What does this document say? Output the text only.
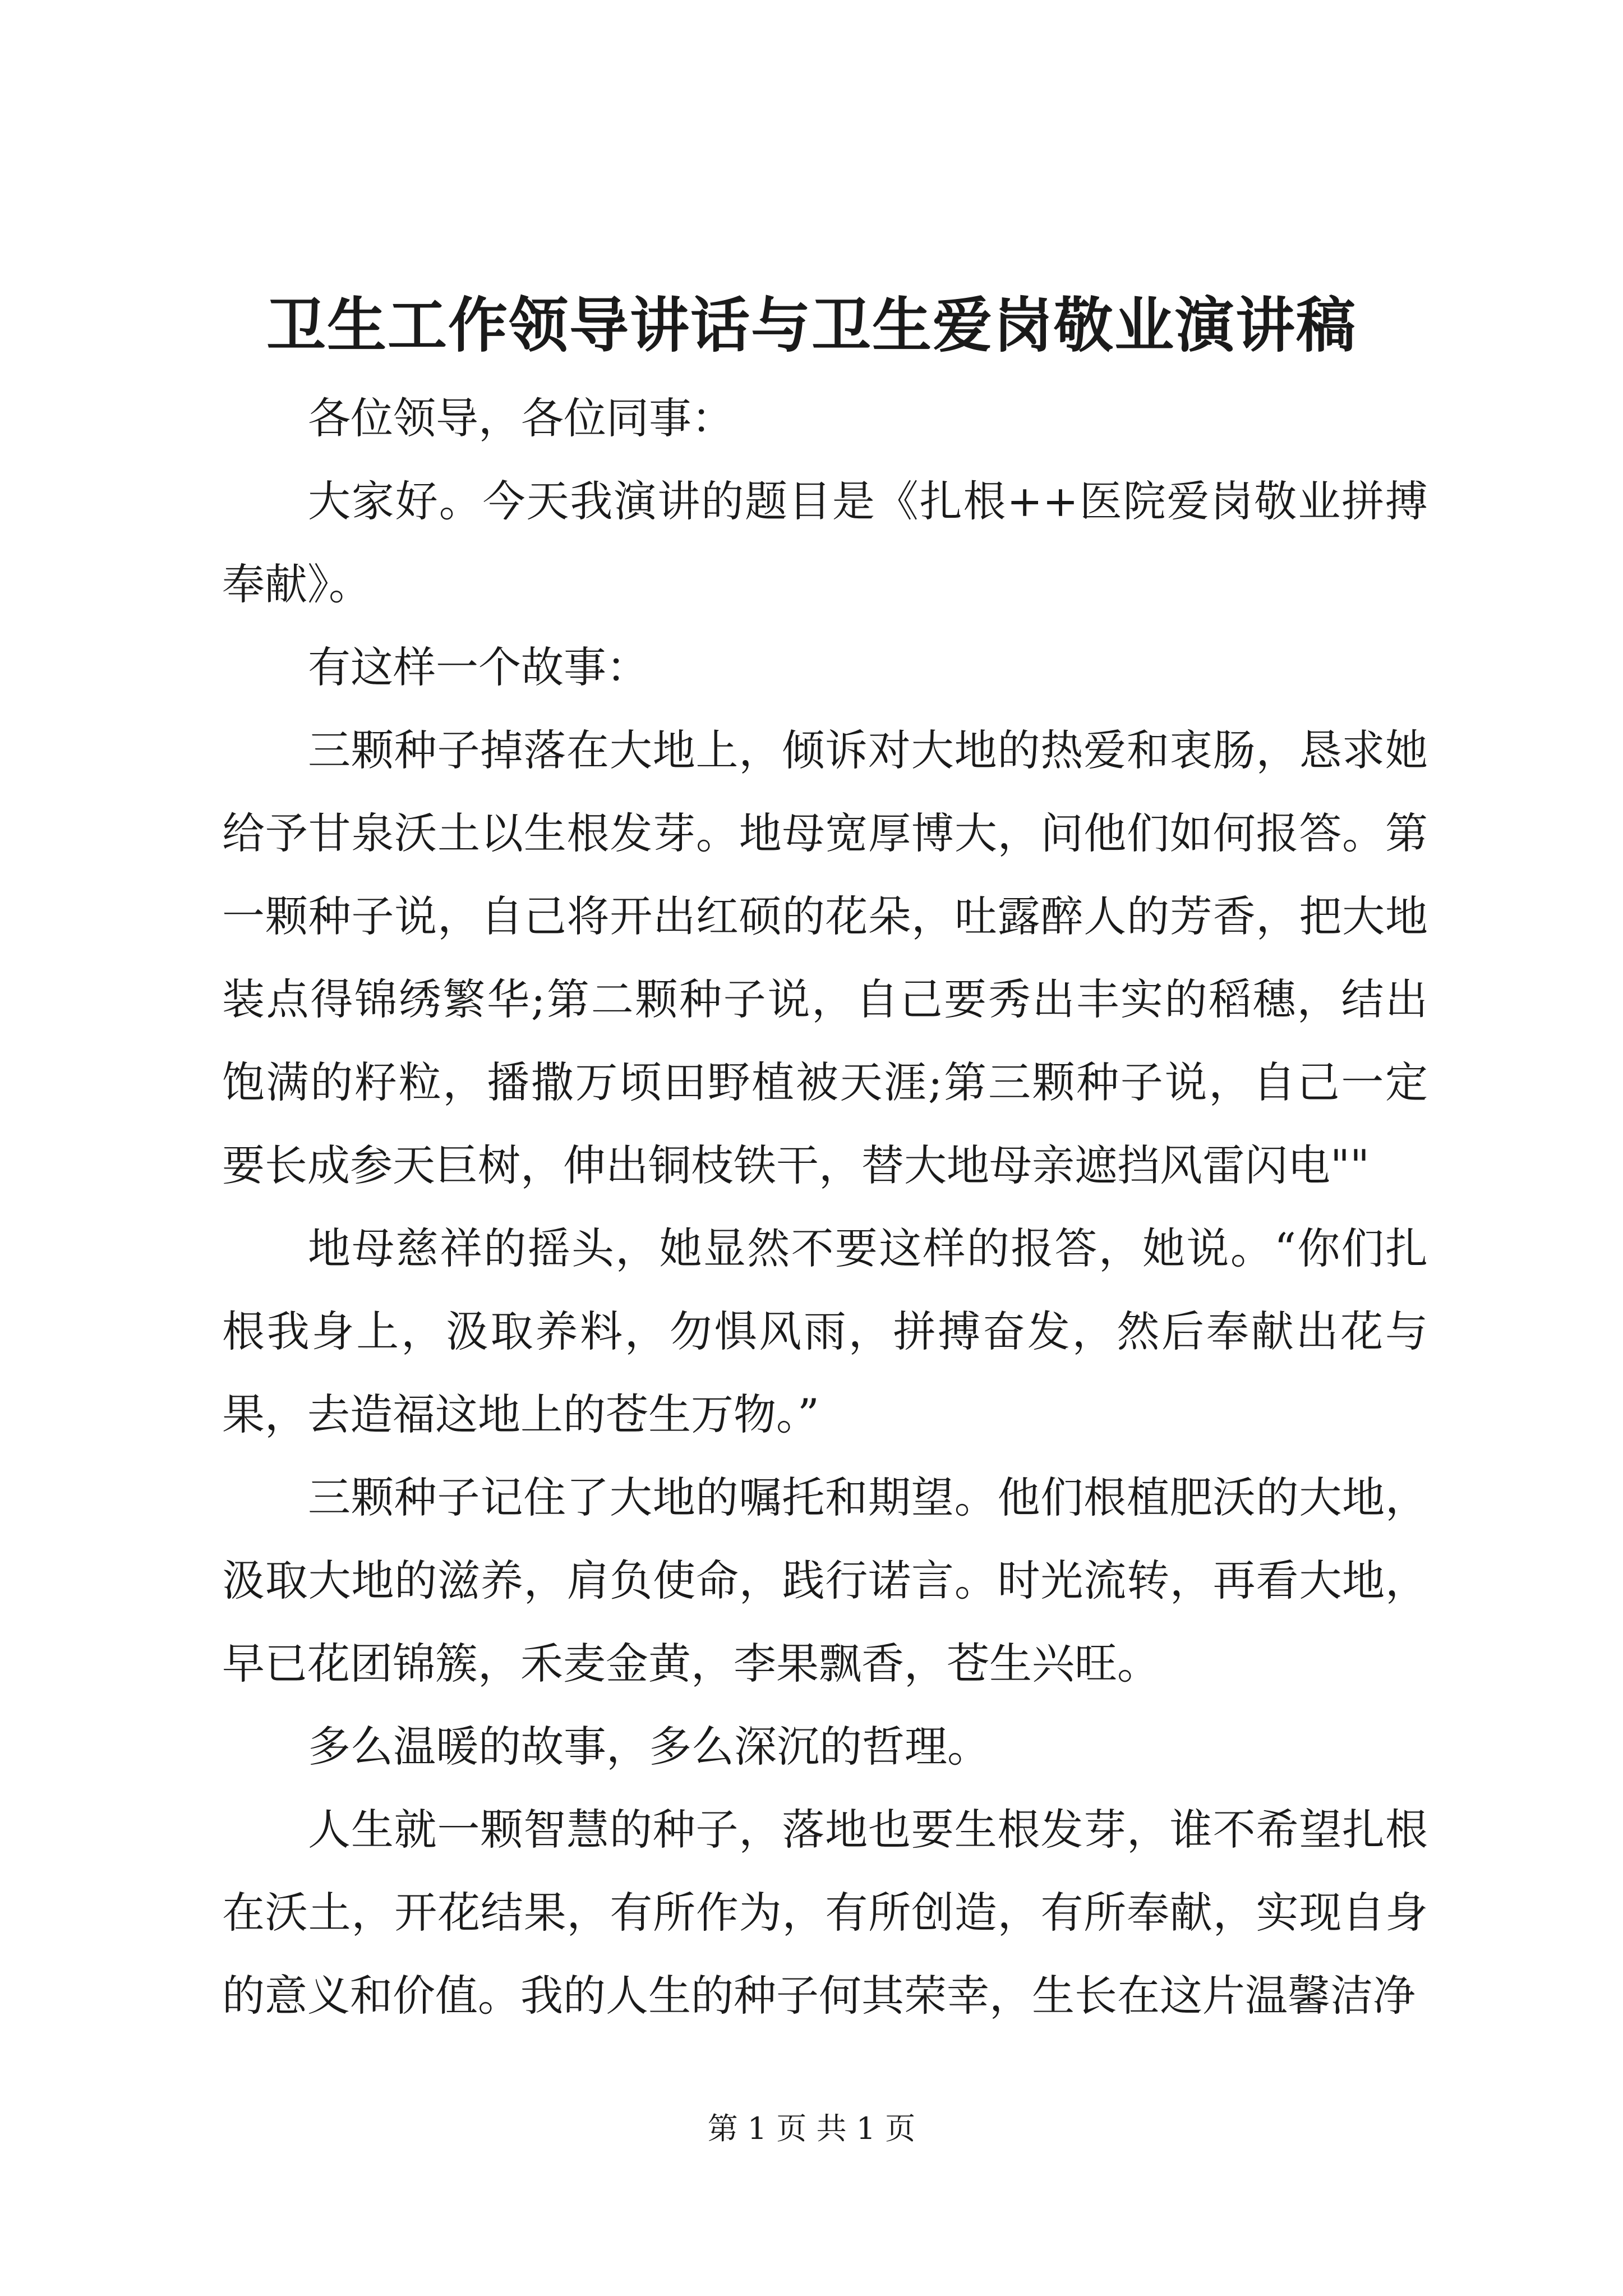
卫生工作领导讲话与卫生爱岗敬业演讲稿

各位领导，各位同事：

大家好。今天我演讲的题目是《扎根++医院爱岗敬业拼搏奉献》。

有这样一个故事：

三颗种子掉落在大地上，倾诉对大地的热爱和衷肠，恳求她给予甘泉沃土以生根发芽。地母宽厚博大，问他们如何报答。第一颗种子说，自己将开出红硕的花朵，吐露醉人的芳香，把大地装点得锦绣繁华;第二颗种子说，自己要秀出丰实的稻穗，结出饱满的籽粒，播撒万顷田野植被天涯;第三颗种子说，自己一定要长成参天巨树，伸出铜枝铁干，替大地母亲遮挡风雷闪电""

地母慈祥的摇头，她显然不要这样的报答，她说。“你们扎根我身上，汲取养料，勿惧风雨，拼搏奋发，然后奉献出花与果，去造福这地上的苍生万物。”

三颗种子记住了大地的嘱托和期望。他们根植肥沃的大地，汲取大地的滋养，肩负使命，践行诺言。时光流转，再看大地，早已花团锦簇，禾麦金黄，李果飘香，苍生兴旺。

多么温暖的故事，多么深沉的哲理。

人生就一颗智慧的种子，落地也要生根发芽，谁不希望扎根在沃土，开花结果，有所作为，有所创造，有所奉献，实现自身的意义和价值。我的人生的种子何其荣幸，生长在这片温馨洁净

第 1 页 共 1 页
